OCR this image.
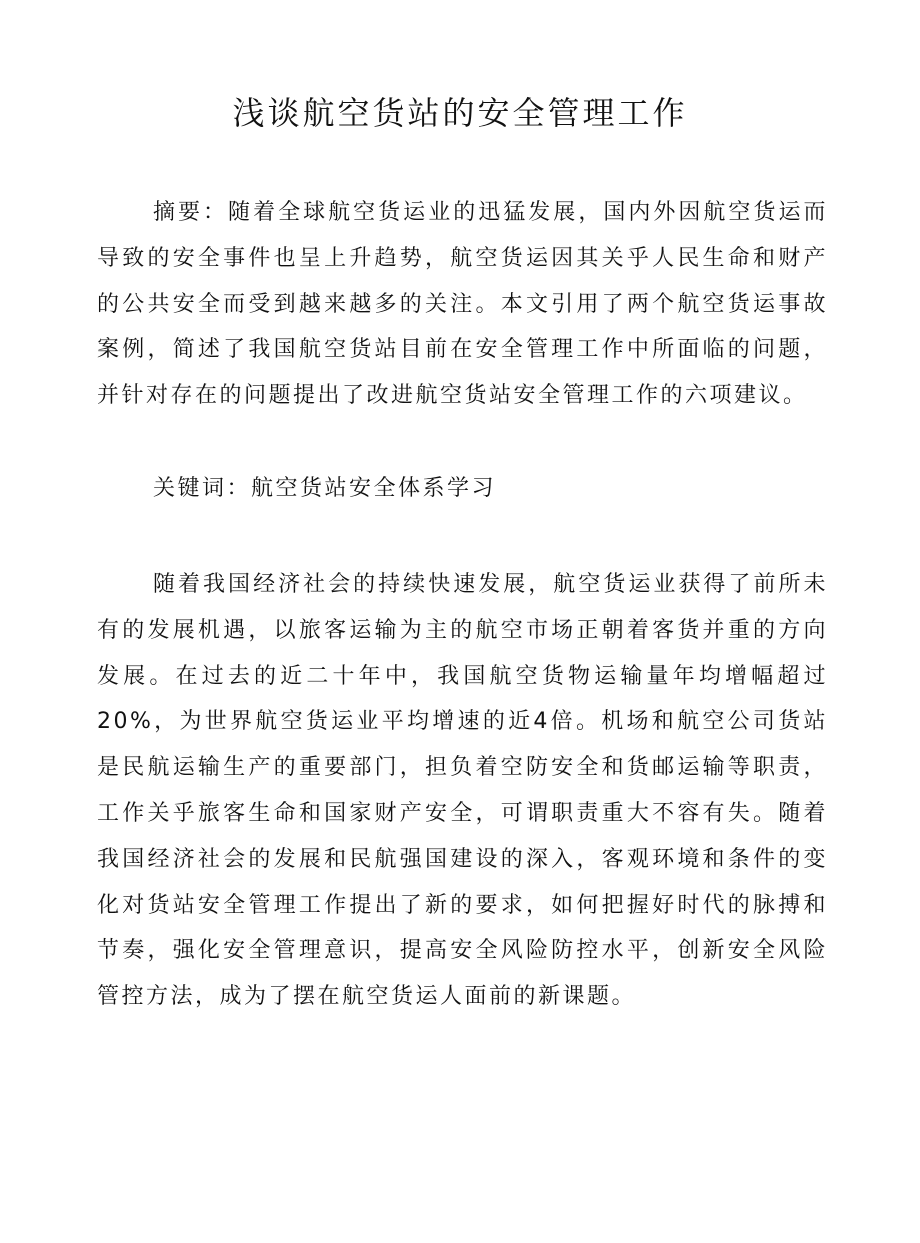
浅谈航空货站的安全管理工作

摘要：随着全球航空货运业的迅猛发展，国内外因航空货运而导致的安全事件也呈上升趋势，航空货运因其关乎人民生命和财产的公共安全而受到越来越多的关注。本文引用了两个航空货运事故案例，简述了我国航空货站目前在安全管理工作中所面临的问题，并针对存在的问题提出了改进航空货站安全管理工作的六项建议。

关键词：航空货站安全体系学习

随着我国经济社会的持续快速发展，航空货运业获得了前所未有的发展机遇，以旅客运输为主的航空市场正朝着客货并重的方向发展。在过去的近二十年中，我国航空货物运输量年均增幅超过20%，为世界航空货运业平均增速的近4倍。机场和航空公司货站是民航运输生产的重要部门，担负着空防安全和货邮运输等职责，工作关乎旅客生命和国家财产安全，可谓职责重大不容有失。随着我国经济社会的发展和民航强国建设的深入，客观环境和条件的变化对货站安全管理工作提出了新的要求，如何把握好时代的脉搏和节奏，强化安全管理意识，提高安全风险防控水平，创新安全风险管控方法，成为了摆在航空货运人面前的新课题。
